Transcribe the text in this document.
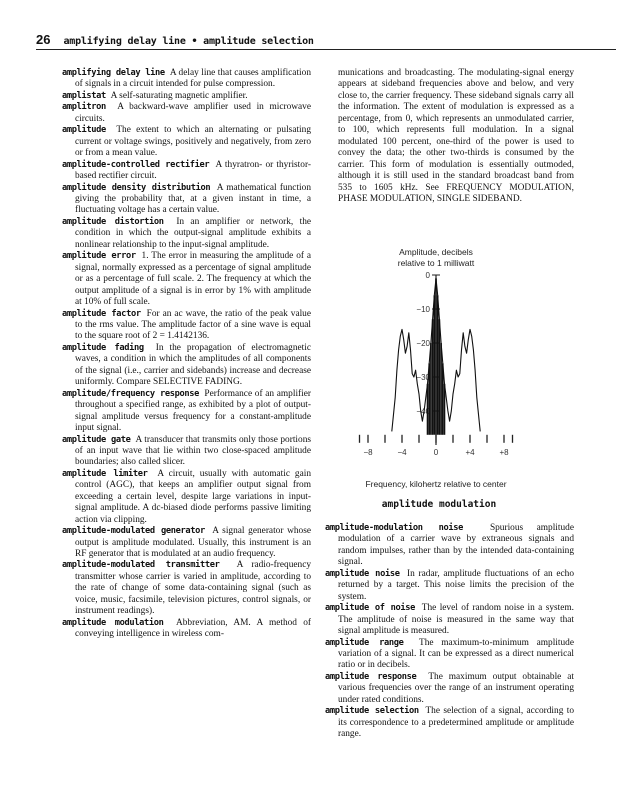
26 amplifying delay line • amplitude selection

amplifying delay line A delay line that causes amplification of signals in a circuit intended for pulse compression.

amplistat A self-saturating magnetic amplifier.

amplitron A backward-wave amplifier used in microwave circuits.

amplitude The extent to which an alternating or pulsating current or voltage swings, positively and negatively, from zero or from a mean value.

amplitude-controlled rectifier A thyratron- or thyristor-based rectifier circuit.

amplitude density distribution A mathematical function giving the probability that, at a given instant in time, a fluctuating voltage has a certain value.

amplitude distortion In an amplifier or network, the condition in which the output-signal amplitude exhibits a nonlinear relationship to the input-signal amplitude.

amplitude error 1. The error in measuring the amplitude of a signal, normally expressed as a percentage of signal amplitude or as a percentage of full scale. 2. The frequency at which the output amplitude of a signal is in error by 1% with amplitude at 10% of full scale.

amplitude factor For an ac wave, the ratio of the peak value to the rms value. The amplitude factor of a sine wave is equal to the square root of 2 = 1.4142136.

amplitude fading In the propagation of electromagnetic waves, a condition in which the amplitudes of all components of the signal (i.e., carrier and sidebands) increase and decrease uniformly. Compare SELECTIVE FADING.

amplitude/frequency response Performance of an amplifier throughout a specified range, as exhibited by a plot of output-signal amplitude versus frequency for a constant-amplitude input signal.

amplitude gate A transducer that transmits only those portions of an input wave that lie within two close-spaced amplitude boundaries; also called slicer.

amplitude limiter A circuit, usually with automatic gain control (AGC), that keeps an amplifier output signal from exceeding a certain level, despite large variations in input-signal amplitude. A dc-biased diode performs passive limiting action via clipping.

amplitude-modulated generator A signal generator whose output is amplitude modulated. Usually, this instrument is an RF generator that is modulated at an audio frequency.

amplitude-modulated transmitter A radio-frequency transmitter whose carrier is varied in amplitude, according to the rate of change of some data-containing signal (such as voice, music, facsimile, television pictures, control signals, or instrument readings).

amplitude modulation Abbreviation, AM. A method of conveying intelligence in wireless com-

munications and broadcasting. The modulating-signal energy appears at sideband frequencies above and below, and very close to, the carrier frequency. These sideband signals carry all the information. The extent of modulation is expressed as a percentage, from 0, which represents an unmodulated carrier, to 100, which represents full modulation. In a signal modulated 100 percent, one-third of the power is used to convey the data; the other two-thirds is consumed by the carrier. This form of modulation is essentially outmoded, although it is still used in the standard broadcast band from 535 to 1605 kHz. See FREQUENCY MODULATION, PHASE MODULATION, SINGLE SIDEBAND.

Amplitude, decibels
relative to 1 milliwatt
0
−10
−20
−30
−40
−8	−4	0	+4	+8
Frequency, kilohertz relative to center
amplitude modulation

amplitude-modulation noise	Spurious amplitude modulation of a carrier wave by extraneous signals and random impulses, rather than by the intended data-containing signal.

amplitude noise In radar, amplitude fluctuations of an echo returned by a target. This noise limits the precision of the system.

amplitude of noise The level of random noise in a system. The amplitude of noise is measured in the same way that signal amplitude is measured.

amplitude range The maximum-to-minimum amplitude variation of a signal. It can be expressed as a direct numerical ratio or in decibels.

amplitude response The maximum output obtainable at various frequencies over the range of an instrument operating under rated conditions.

amplitude selection The selection of a signal, according to its correspondence to a predetermined amplitude or amplitude range.
